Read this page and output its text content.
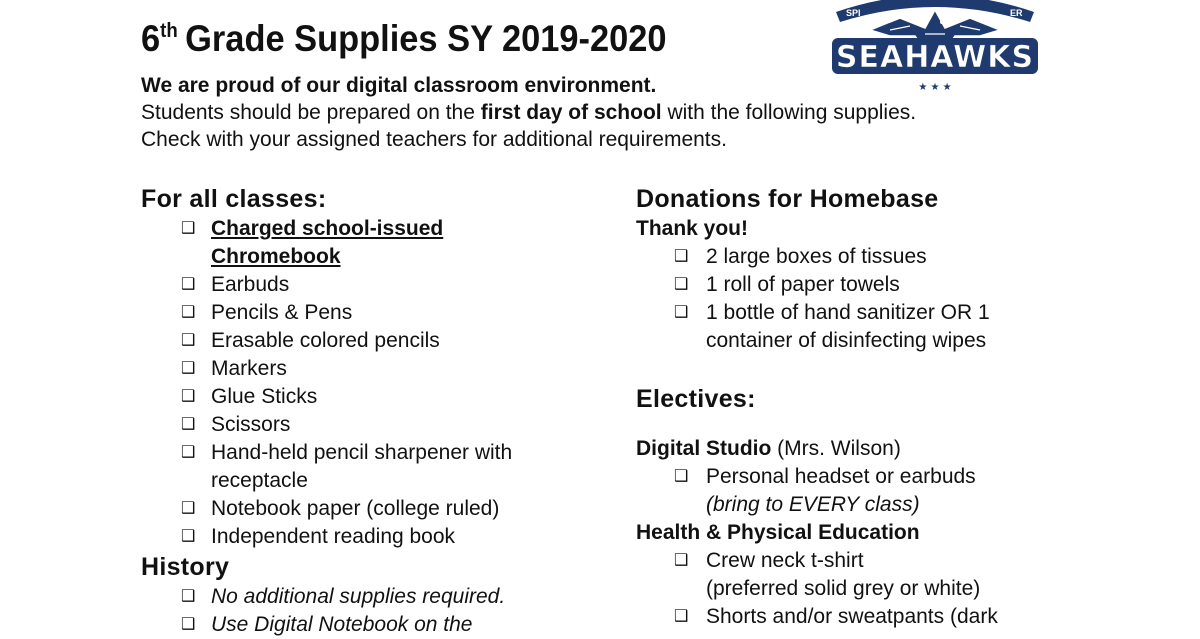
6th Grade Supplies SY 2019-2020
We are proud of our digital classroom environment.
Students should be prepared on the first day of school with the following supplies.
Check with your assigned teachers for additional requirements.
SPI	ER
SEAHAWKS
★ ★ ★
For all classes:
❑ Charged school-issued
Chromebook
❑ Earbuds
❑ Pencils & Pens
❑ Erasable colored pencils
❑ Markers
❑ Glue Sticks
❑ Scissors
❑ Hand-held pencil sharpener with
receptacle
❑ Notebook paper (college ruled)
❑ Independent reading book
History
❑ No additional supplies required.
❑ Use Digital Notebook on the
Donations for Homebase
Thank you!
❑ 2 large boxes of tissues
❑ 1 roll of paper towels
❑ 1 bottle of hand sanitizer OR 1
container of disinfecting wipes
Electives:
Digital Studio (Mrs. Wilson)
❑ Personal headset or earbuds
(bring to EVERY class)
Health & Physical Education
❑ Crew neck t-shirt
(preferred solid grey or white)
❑ Shorts and/or sweatpants (dark
